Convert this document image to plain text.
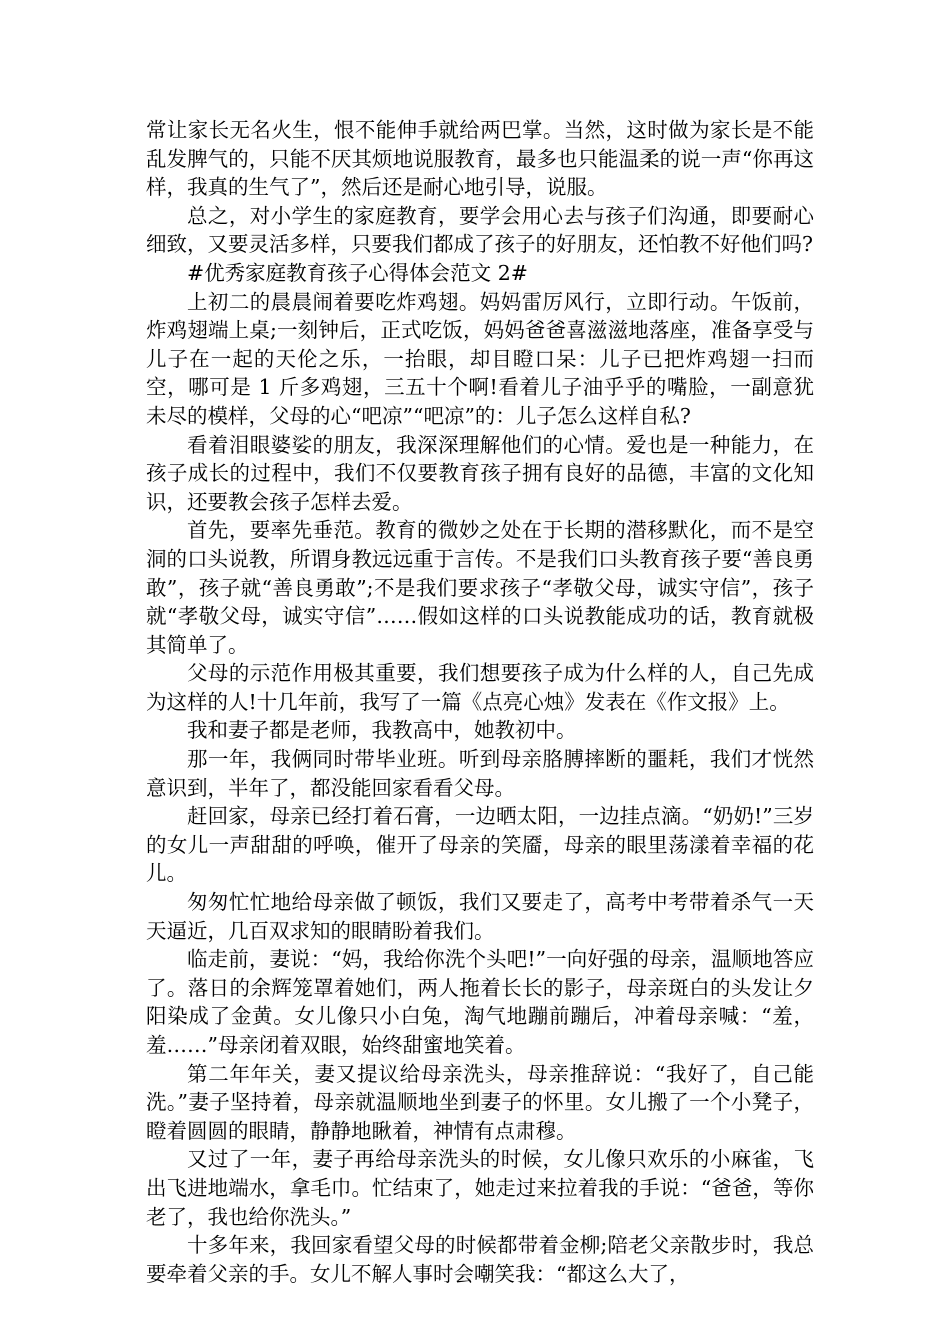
常让家长无名火生，恨不能伸手就给两巴掌。当然，这时做为家长是不能乱发脾气的，只能不厌其烦地说服教育，最多也只能温柔的说一声“你再这样，我真的生气了”，然后还是耐心地引导，说服。

总之，对小学生的家庭教育，要学会用心去与孩子们沟通，即要耐心细致，又要灵活多样，只要我们都成了孩子的好朋友，还怕教不好他们吗?

#优秀家庭教育孩子心得体会范文 2#

上初二的晨晨闹着要吃炸鸡翅。妈妈雷厉风行，立即行动。午饭前，炸鸡翅端上桌;一刻钟后，正式吃饭，妈妈爸爸喜滋滋地落座，准备享受与儿子在一起的天伦之乐，一抬眼，却目瞪口呆：儿子已把炸鸡翅一扫而空，哪可是 1 斤多鸡翅，三五十个啊!看着儿子油乎乎的嘴脸，一副意犹未尽的模样，父母的心“吧凉”“吧凉”的：儿子怎么这样自私?

看着泪眼婆娑的朋友，我深深理解他们的心情。爱也是一种能力，在孩子成长的过程中，我们不仅要教育孩子拥有良好的品德，丰富的文化知识，还要教会孩子怎样去爱。

首先，要率先垂范。教育的微妙之处在于长期的潜移默化，而不是空洞的口头说教，所谓身教远远重于言传。不是我们口头教育孩子要“善良勇敢”，孩子就“善良勇敢”;不是我们要求孩子“孝敬父母，诚实守信”，孩子就“孝敬父母，诚实守信”……假如这样的口头说教能成功的话，教育就极其简单了。

父母的示范作用极其重要，我们想要孩子成为什么样的人，自己先成为这样的人!十几年前，我写了一篇《点亮心烛》发表在《作文报》上。

我和妻子都是老师，我教高中，她教初中。

那一年，我俩同时带毕业班。听到母亲胳膊摔断的噩耗，我们才恍然意识到，半年了，都没能回家看看父母。

赶回家，母亲已经打着石膏，一边晒太阳，一边挂点滴。“奶奶!”三岁的女儿一声甜甜的呼唤，催开了母亲的笑靥，母亲的眼里荡漾着幸福的花儿。

匆匆忙忙地给母亲做了顿饭，我们又要走了，高考中考带着杀气一天天逼近，几百双求知的眼睛盼着我们。

临走前，妻说：“妈，我给你洗个头吧!”一向好强的母亲，温顺地答应了。落日的余辉笼罩着她们，两人拖着长长的影子，母亲斑白的头发让夕阳染成了金黄。女儿像只小白兔，淘气地蹦前蹦后，冲着母亲喊：“羞，羞……”母亲闭着双眼，始终甜蜜地笑着。

第二年年关，妻又提议给母亲洗头，母亲推辞说：“我好了，自己能洗。”妻子坚持着，母亲就温顺地坐到妻子的怀里。女儿搬了一个小凳子，瞪着圆圆的眼睛，静静地瞅着，神情有点肃穆。

又过了一年，妻子再给母亲洗头的时候，女儿像只欢乐的小麻雀，飞出飞进地端水，拿毛巾。忙结束了，她走过来拉着我的手说：“爸爸，等你老了，我也给你洗头。”

十多年来，我回家看望父母的时候都带着金柳;陪老父亲散步时，我总要牵着父亲的手。女儿不解人事时会嘲笑我：“都这么大了，
